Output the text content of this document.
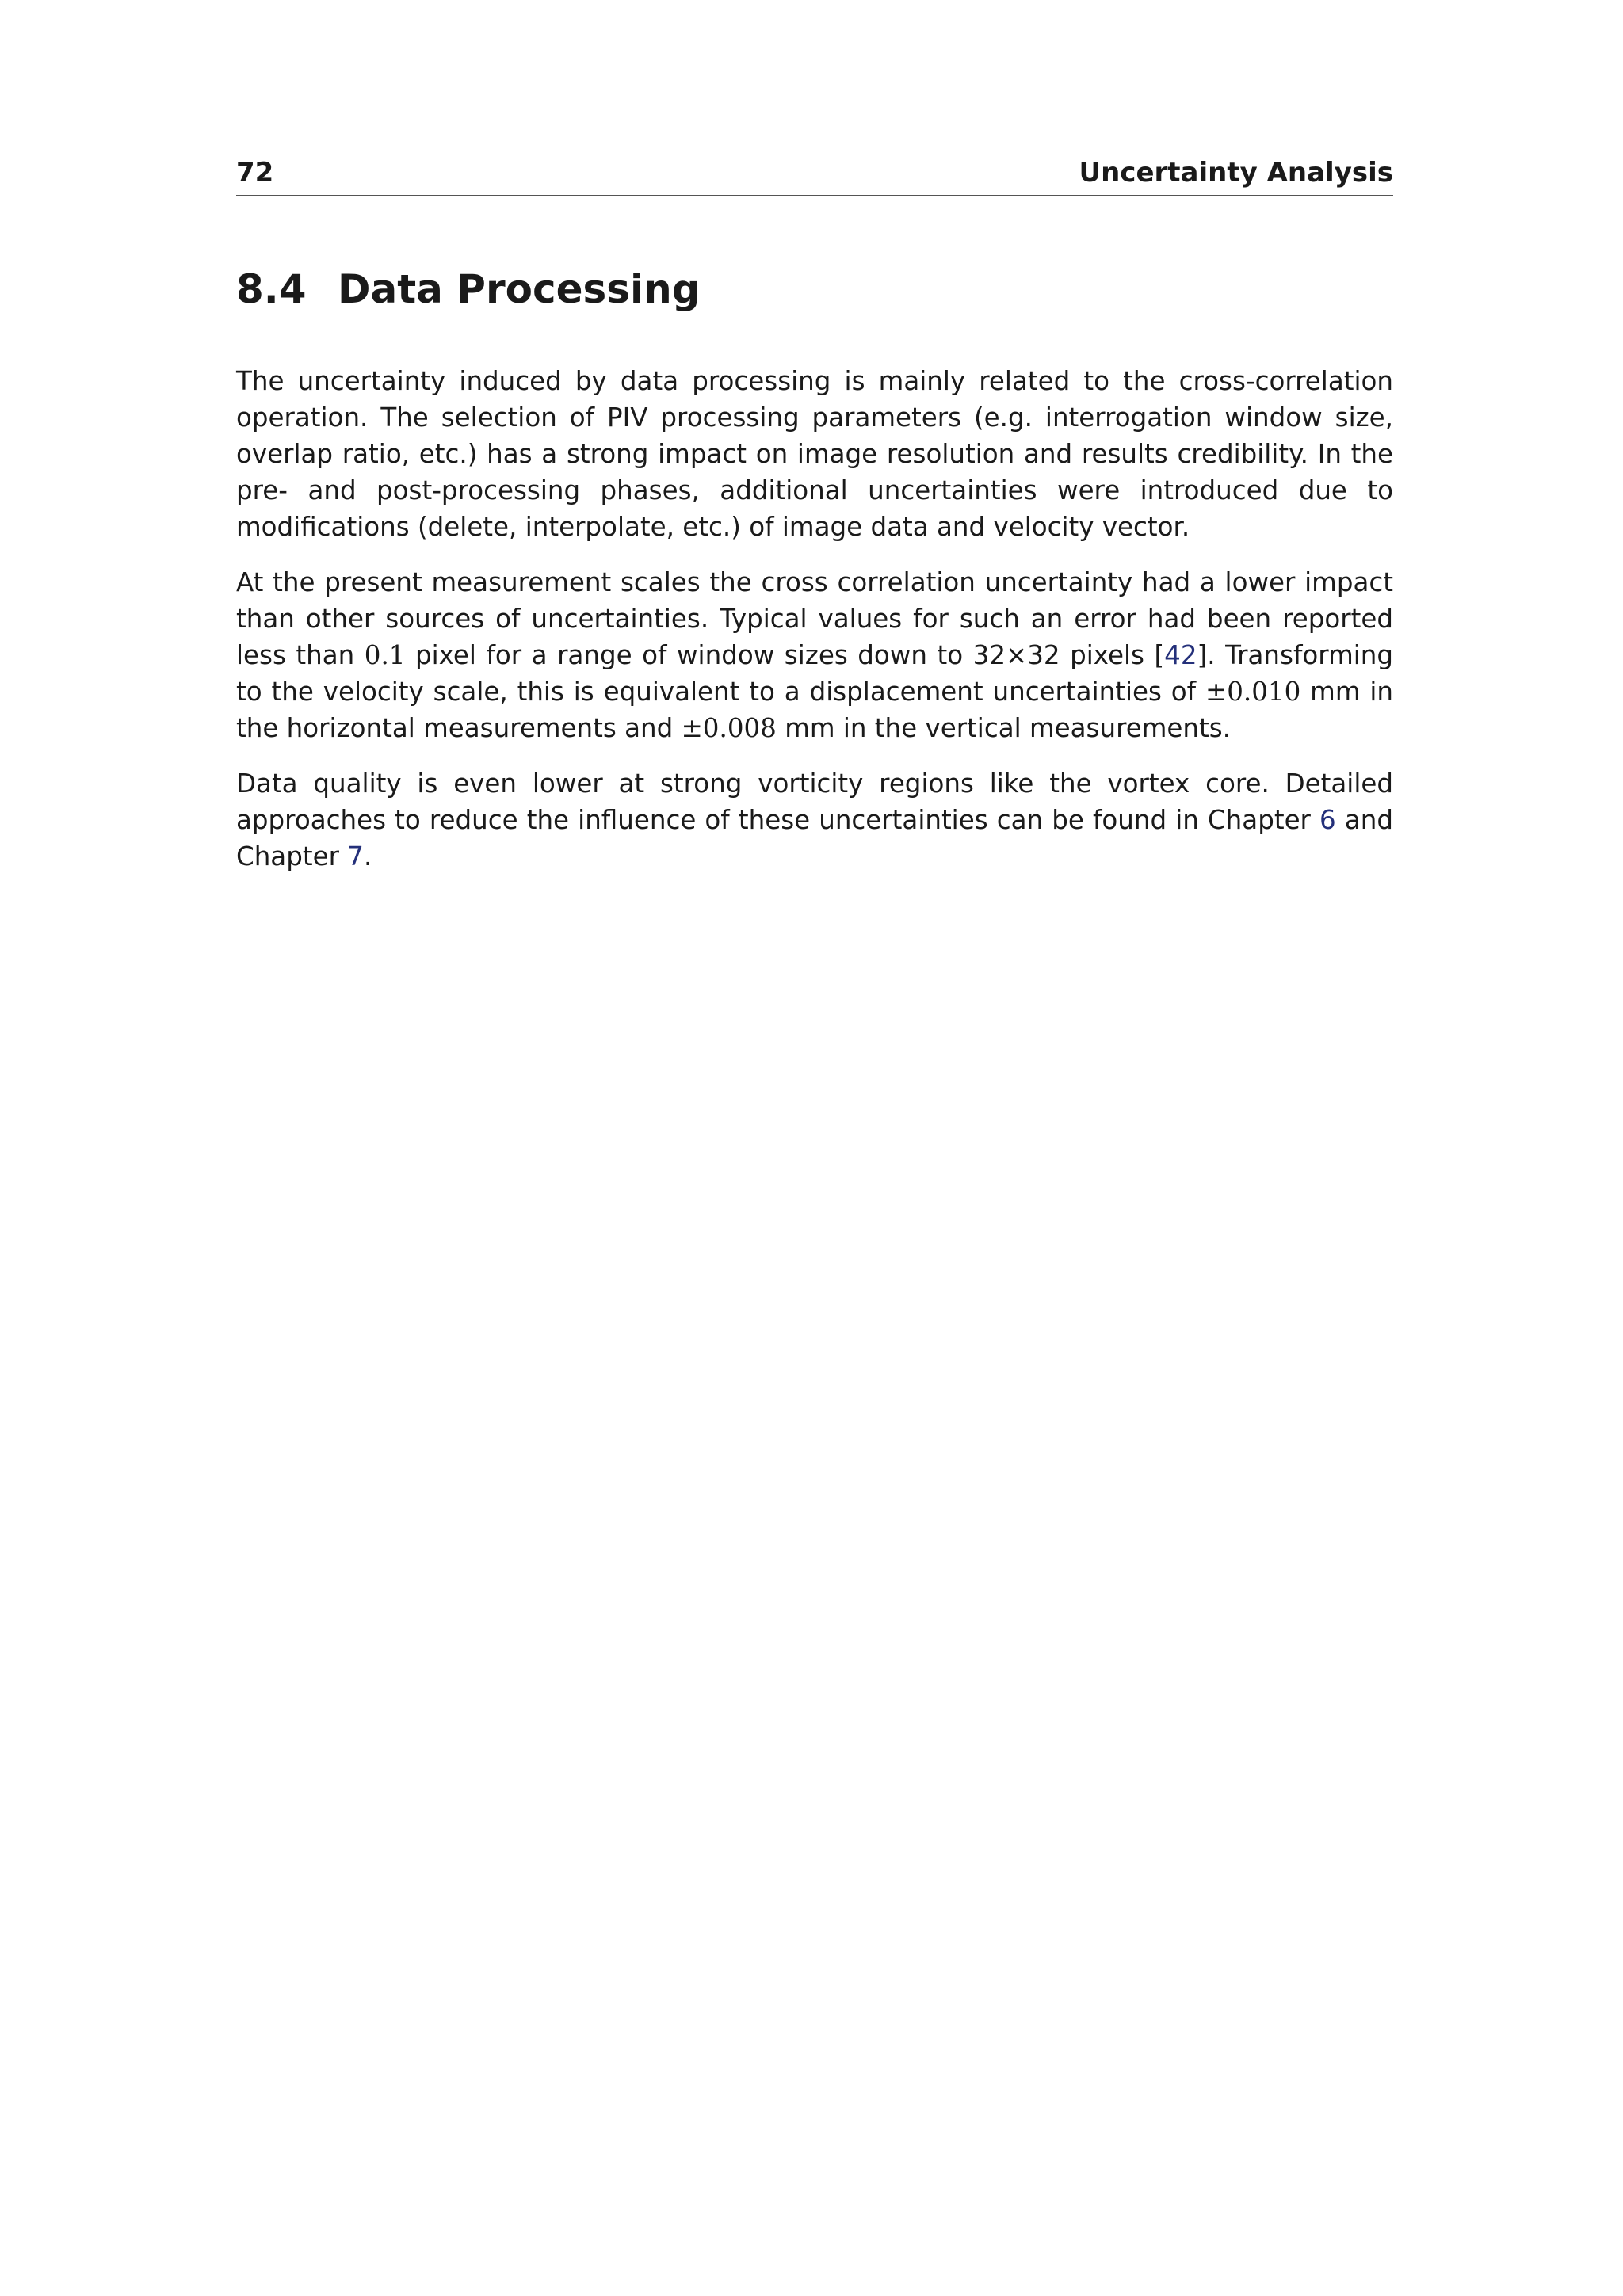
72	Uncertainty Analysis
8.4 Data Processing

The uncertainty induced by data processing is mainly related to the cross-correlation operation. The selection of PIV processing parameters (e.g. interrogation window size, overlap ratio, etc.) has a strong impact on image resolution and results credibility. In the pre- and post-processing phases, additional uncertainties were introduced due to modifications (delete, interpolate, etc.) of image data and velocity vector.

At the present measurement scales the cross correlation uncertainty had a lower impact than other sources of uncertainties. Typical values for such an error had been reported less than 0.1 pixel for a range of window sizes down to 32×32 pixels [42]. Transforming to the velocity scale, this is equivalent to a displacement uncertainties of ±0.010 mm in the horizontal measurements and ±0.008 mm in the vertical measurements.

Data quality is even lower at strong vorticity regions like the vortex core. Detailed approaches to reduce the influence of these uncertainties can be found in Chapter 6 and Chapter 7.
